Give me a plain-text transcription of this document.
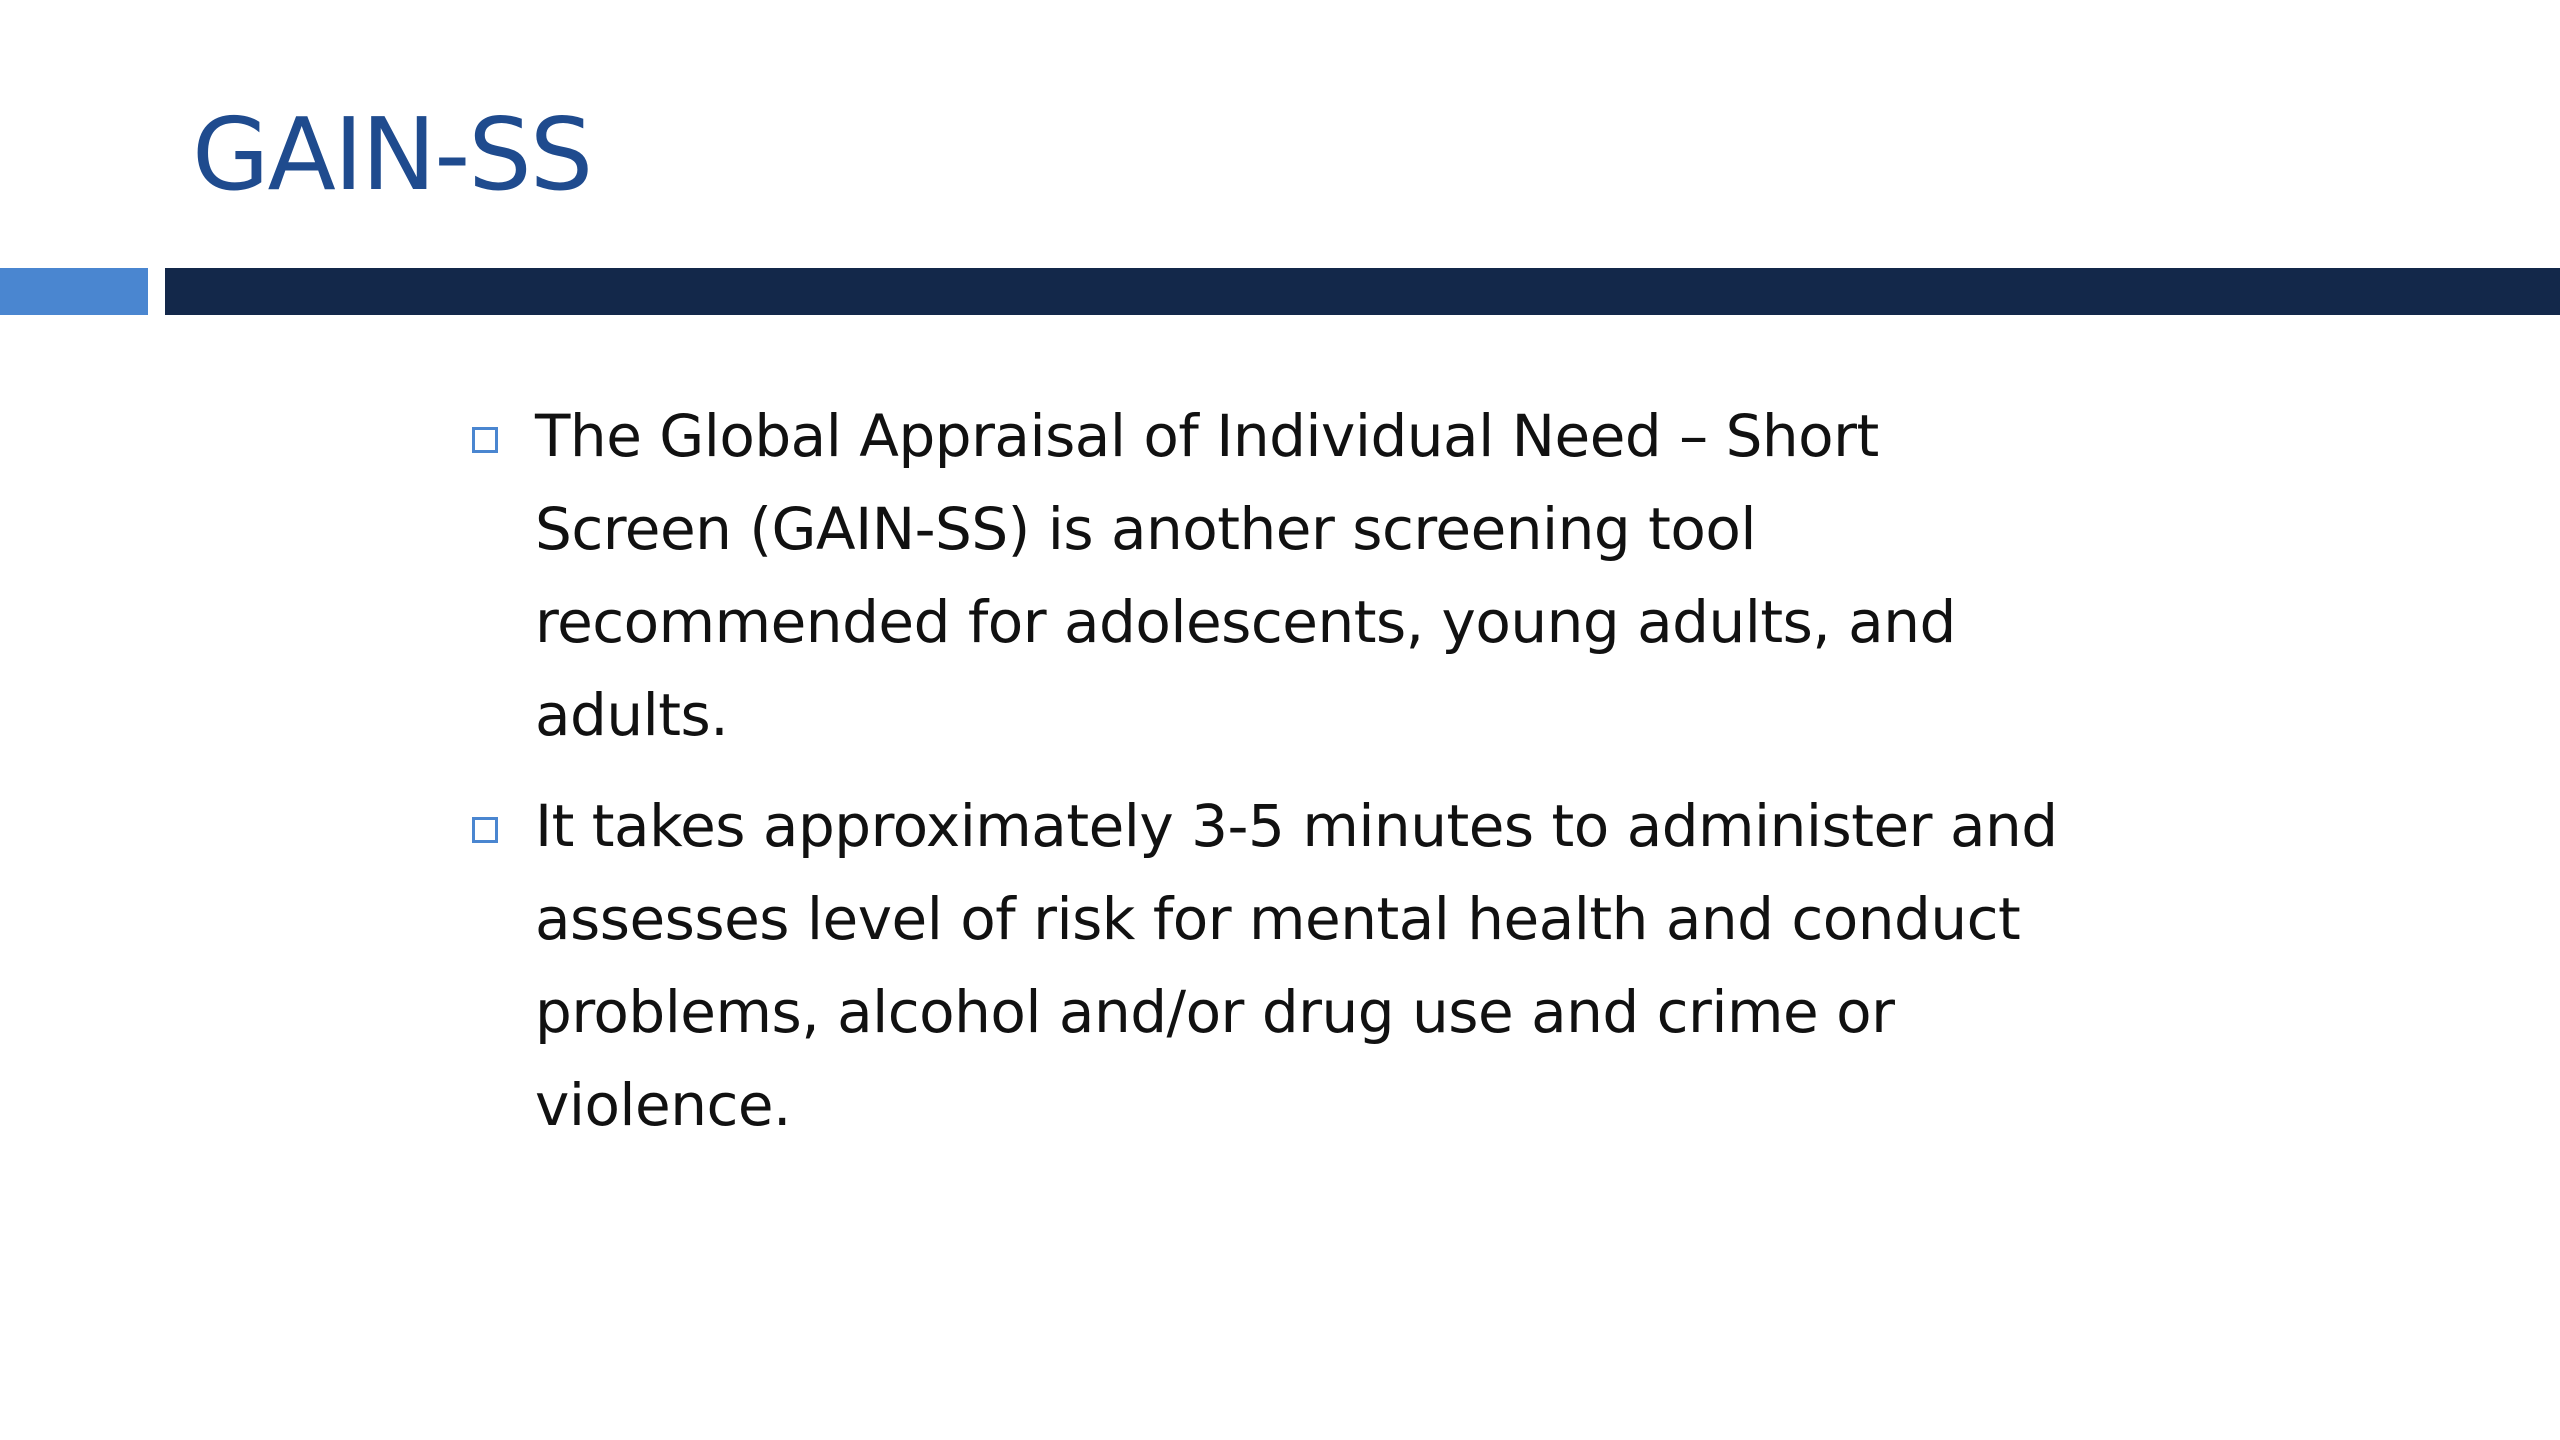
GAIN-SS
The Global Appraisal of Individual Need – Short Screen (GAIN-SS) is another screening tool recommended for adolescents, young adults, and adults.
It takes approximately 3-5 minutes to administer and assesses level of risk for mental health and conduct problems, alcohol and/or drug use and crime or violence.
